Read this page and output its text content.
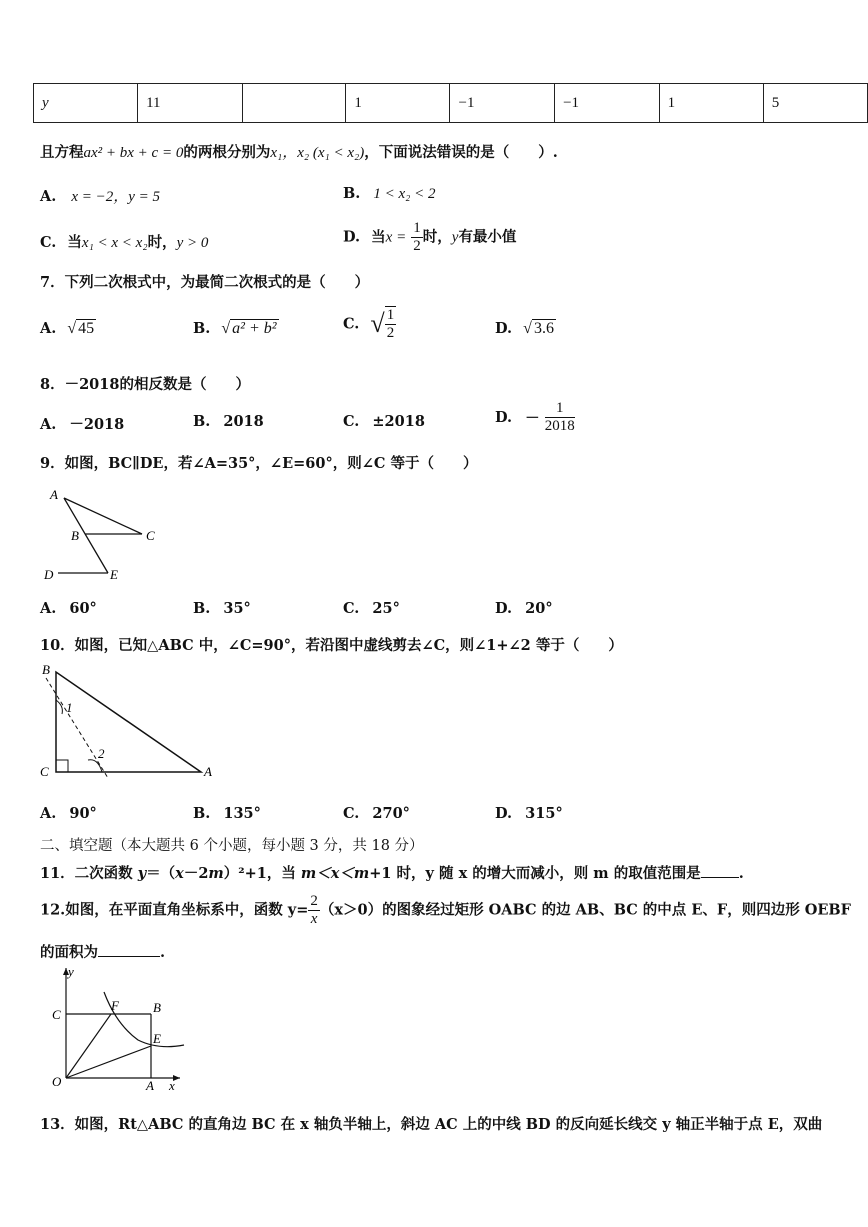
y	11		1	−1	−1	1	5
且方程ax² + bx + c = 0的两根分别为x₁，x₂ (x₁ < x₂)，下面说法错误的是（　　）.
A. x = −2，y = 5	B. 1 < x₂ < 2
C. 当x₁ < x < x₂时，y > 0	D. 当$x = \frac{1}{2}$ 时，y有最小值
7．下列二次根式中，为最简二次根式的是（　　）
A. √ 45	B. √ a² + b²	C. √ $\frac{1}{2}$	D. √ 3.6
8．－2018的相反数是（　　）
A. －2018	B. 2018	C. ±2018	D. － $\frac{1}{2018}$
9．如图，BC∥DE，若∠A=35°，∠E=60°，则∠C 等于（　　）
A
B	C
D	E
A. 60°	B. 35°	C. 25°	D. 20°
10．如图，已知△ABC 中，∠C=90°，若沿图中虚线剪去∠C，则∠1+∠2 等于（　　）
B
C	A
1
2
A. 90°	B. 135°	C. 270°	D. 315°
二、填空题（本大题共 6 个小题，每小题 3 分，共 18 分）
11．二次函数 y＝（x－2m）²+1，当 m＜x＜m+1 时，y 随 x 的增大而减小，则 m 的取值范围是	.
12.如图，在平面直角坐标系中，函数 $y= \frac{2}{x} (x>0)$的图象经过矩形 OABC 的边 AB、BC 的中点 E、F，则四边形 OEBF
的面积为	.
y
x
O	A
B
C
E
F
13．如图，Rt△ABC 的直角边 BC 在 x 轴负半轴上，斜边 AC 上的中线 BD 的反向延长线交 y 轴正半轴于点 E，双曲
